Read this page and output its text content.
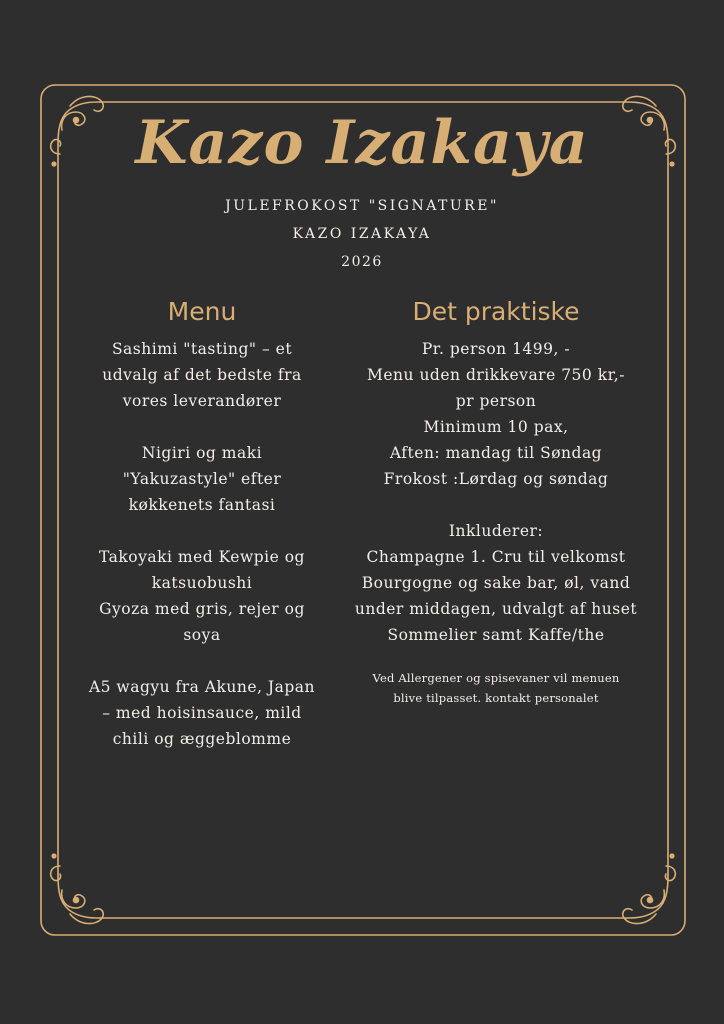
Kazo Izakaya
JULEFROKOST "SIGNATURE"
KAZO IZAKAYA
2026
Menu
Sashimi "tasting" – et
udvalg af det bedste fra
vores leverandører
Nigiri og maki
"Yakuzastyle" efter
køkkenets fantasi
Takoyaki med Kewpie og
katsuobushi
Gyoza med gris, rejer og
soya
A5 wagyu fra Akune, Japan
– med hoisinsauce, mild
chili og æggeblomme
Det praktiske
Pr. person 1499, -
Menu uden drikkevare 750 kr,-
pr person
Minimum 10 pax,
Aften: mandag til Søndag
Frokost :Lørdag og søndag
Inkluderer:
Champagne 1. Cru til velkomst
Bourgogne og sake bar, øl, vand
under middagen, udvalgt af huset
Sommelier samt Kaffe/the
Ved Allergener og spisevaner vil menuen
blive tilpasset. kontakt personalet
